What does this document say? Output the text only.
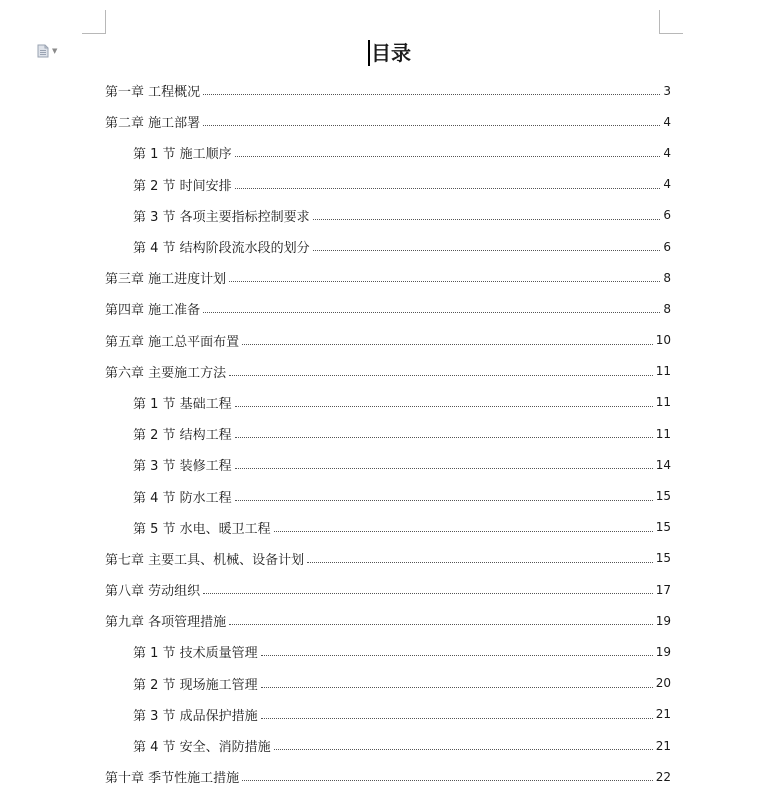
▼	目录
第一章 工程概况	3
第二章 施工部署	4
第 1 节 施工顺序	4
第 2 节 时间安排	4
第 3 节 各项主要指标控制要求	6
第 4 节 结构阶段流水段的划分	6
第三章 施工进度计划	8
第四章 施工准备	8
第五章 施工总平面布置	10
第六章 主要施工方法	11
第 1 节 基础工程	11
第 2 节 结构工程	11
第 3 节 装修工程	14
第 4 节 防水工程	15
第 5 节 水电、暖卫工程	15
第七章 主要工具、机械、设备计划	15
第八章 劳动组织	17
第九章 各项管理措施	19
第 1 节 技术质量管理	19
第 2 节 现场施工管理	20
第 3 节 成品保护措施	21
第 4 节 安全、消防措施	21
第十章 季节性施工措施	22
